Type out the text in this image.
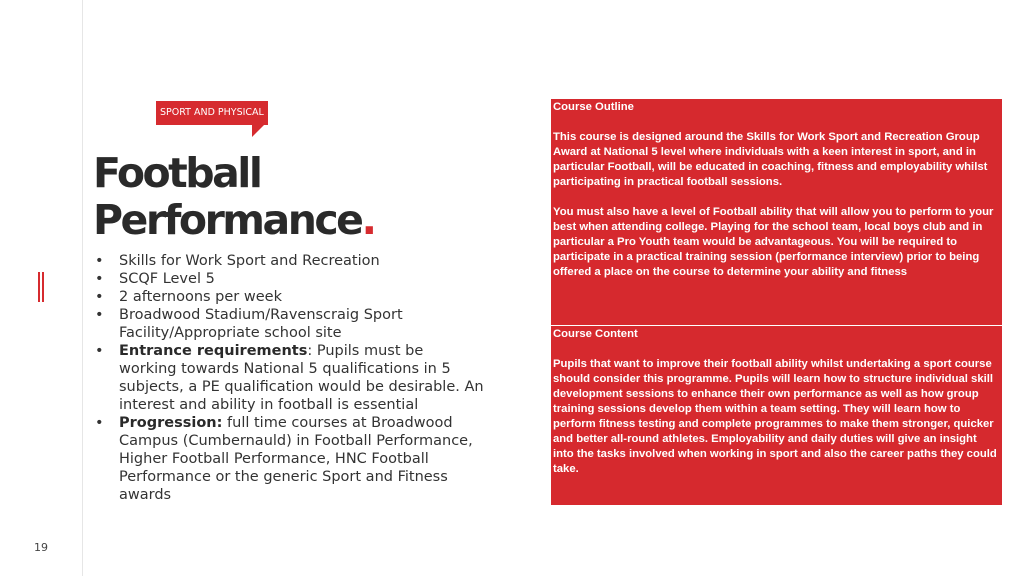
19
SPORT AND PHYSICAL
Football
Performance.
• Skills for Work Sport and Recreation
• SCQF Level 5
• 2 afternoons per week
• Broadwood Stadium/Ravenscraig Sport Facility/Appropriate school site
• Entrance requirements: Pupils must be working towards National 5 qualifications in 5 subjects, a PE qualification would be desirable. An interest and ability in football is essential
• Progression: full time courses at Broadwood Campus (Cumbernauld) in Football Performance, Higher Football Performance, HNC Football Performance or the generic Sport and Fitness awards

Course Outline

This course is designed around the Skills for Work Sport and Recreation Group Award at National 5 level where individuals with a keen interest in sport, and in particular Football, will be educated in coaching, fitness and employability whilst participating in practical football sessions.

You must also have a level of Football ability that will allow you to perform to your best when attending college. Playing for the school team, local boys club and in particular a Pro Youth team would be advantageous. You will be required to participate in a practical training session (performance interview) prior to being offered a place on the course to determine your ability and fitness

Course Content

Pupils that want to improve their football ability whilst undertaking a sport course should consider this programme. Pupils will learn how to structure individual skill development sessions to enhance their own performance as well as how group training sessions develop them within a team setting. They will learn how to perform fitness testing and complete programmes to make them stronger, quicker and better all-round athletes. Employability and daily duties will give an insight into the tasks involved when working in sport and also the career paths they could take.
